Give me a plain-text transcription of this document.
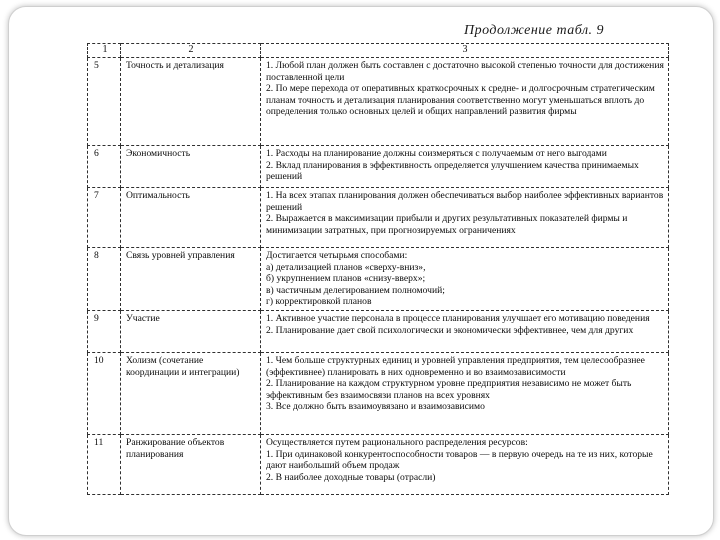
Продолжение табл. 9
1	2	3
5	Точность и детализация	1. Любой план должен быть составлен с достаточно высокой степенью точности для достижения поставленной цели
2. По мере перехода от оперативных краткосрочных к средне- и долгосрочным стратегическим планам точность и детализация планирования соответственно могут уменьшаться вплоть до определения только основных целей и общих направлений развития фирмы
6	Экономичность	1. Расходы на планирование должны соизмеряться с получаемым от него выгодами
2. Вклад планирования в эффективность определяется улучшением качества принимаемых решений
7	Оптимальность	1. На всех этапах планирования должен обеспечиваться выбор наиболее эффективных вариантов решений
2. Выражается в максимизации прибыли и других результативных показателей фирмы и минимизации затратных, при прогнозируемых ограничениях
8	Связь уровней управления	Достигается четырьмя способами:
а) детализацией планов «сверху-вниз»,
б) укрупнением планов «снизу-вверх»;
в) частичным делегированием полномочий;
г) корректировкой планов
9	Участие	1. Активное участие персонала в процессе планирования улучшает его мотивацию поведения
2. Планирование дает свой психологически и экономически эффективнее, чем для других
10	Холизм (сочетание координации и интеграции)	1. Чем больше структурных единиц и уровней управления предприятия, тем целесообразнее (эффективнее) планировать в них одновременно и во взаимозависимости
2. Планирование на каждом структурном уровне предприятия независимо не может быть эффективным без взаимосвязи планов на всех уровнях
3. Все должно быть взаимоувязано и взаимозависимо
11	Ранжирование объектов планирования	Осуществляется путем рационального распределения ресурсов:
1. При одинаковой конкурентоспособности товаров — в первую очередь на те из них, которые дают наибольший объем продаж
2. В наиболее доходные товары (отрасли)
